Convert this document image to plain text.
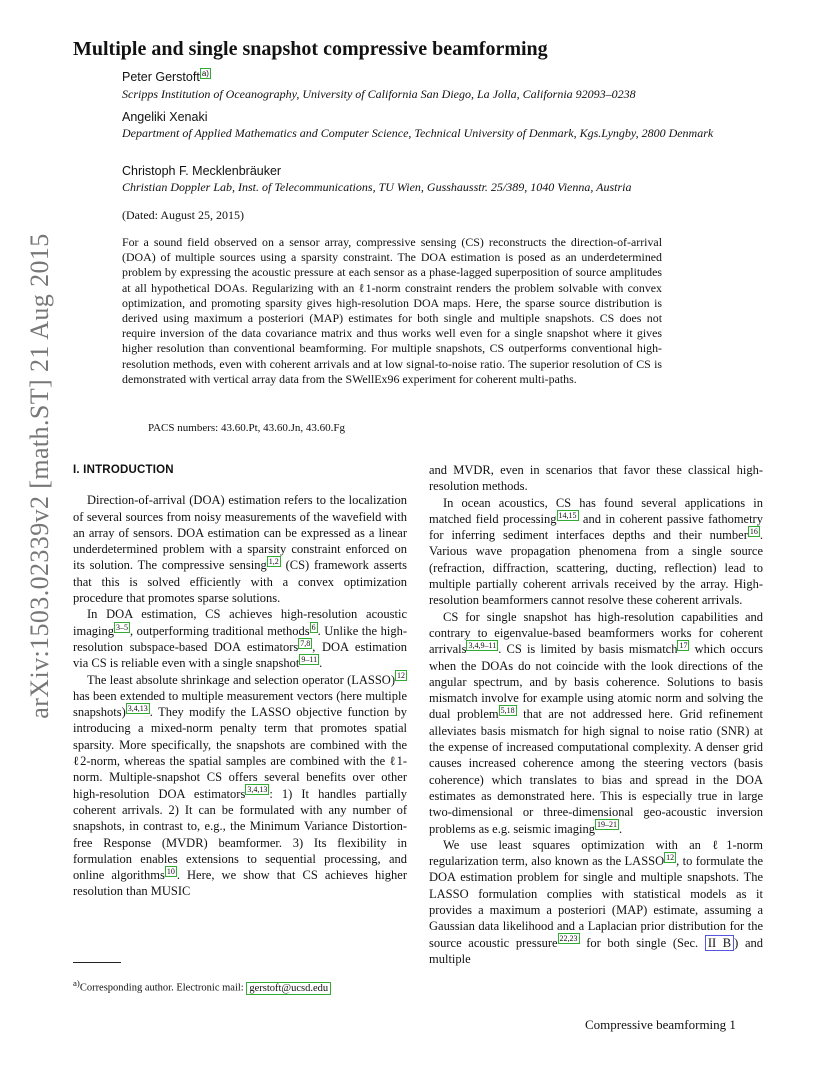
arXiv:1503.02339v2 [math.ST] 21 Aug 2015
Multiple and single snapshot compressive beamforming
Peter Gerstoft $^{a)}$
Scripps Institution of Oceanography, University of California San Diego, La Jolla, California 92093–0238
Angeliki Xenaki
Department of Applied Mathematics and Computer Science, Technical University of Denmark, Kgs.Lyngby, 2800 Denmark
Christoph F. Mecklenbräuker
Christian Doppler Lab, Inst. of Telecommunications, TU Wien, Gusshausstr. 25/389, 1040 Vienna, Austria
(Dated: August 25, 2015)
For a sound field observed on a sensor array, compressive sensing (CS) reconstructs the direction-of-arrival (DOA) of multiple sources using a sparsity constraint. The DOA estimation is posed as an underdetermined problem by expressing the acoustic pressure at each sensor as a phase-lagged superposition of source amplitudes at all hypothetical DOAs. Regularizing with an ℓ1-norm constraint renders the problem solvable with convex optimization, and promoting sparsity gives high-resolution DOA maps. Here, the sparse source distribution is derived using maximum a posteriori (MAP) estimates for both single and multiple snapshots. CS does not require inversion of the data covariance matrix and thus works well even for a single snapshot where it gives higher resolution than conventional beamforming. For multiple snapshots, CS outperforms conventional high-resolution methods, even with coherent arrivals and at low signal-to-noise ratio. The superior resolution of CS is demonstrated with vertical array data from the SWellEx96 experiment for coherent multi-paths.
PACS numbers: 43.60.Pt, 43.60.Jn, 43.60.Fg
I. INTRODUCTION

Direction-of-arrival (DOA) estimation refers to the localization of several sources from noisy measurements of the wavefield with an array of sensors. DOA estimation can be expressed as a linear underdetermined problem with a sparsity constraint enforced on its solution. The compressive sensing $^{1,2}$ (CS) framework asserts that this is solved efficiently with a convex optimization procedure that promotes sparse solutions.

In DOA estimation, CS achieves high-resolution acoustic imaging $^{3-5}$ , outperforming traditional methods $^6$ . Unlike the high-resolution subspace-based DOA estimators $^{7,8}$ , DOA estimation via CS is reliable even with a single snapshot $^{9-11}$ .

The least absolute shrinkage and selection operator (LASSO) $^{12}$ has been extended to multiple measurement vectors (here multiple snapshots) $^{3,4,13}$ . They modify the LASSO objective function by introducing a mixed-norm penalty term that promotes spatial sparsity. More specifically, the snapshots are combined with the ℓ2-norm, whereas the spatial samples are combined with the ℓ1-norm. Multiple-snapshot CS offers several benefits over other high-resolution DOA estimators $^{3,4,13}$ : 1) It handles partially coherent arrivals. 2) It can be formulated with any number of snapshots, in contrast to, e.g., the Minimum Variance Distortion-free Response (MVDR) beamformer. 3) Its flexibility in formulation enables extensions to sequential processing, and online algorithms $^{10}$ . Here, we show that CS achieves higher resolution than MUSIC

and MVDR, even in scenarios that favor these classical high-resolution methods.

In ocean acoustics, CS has found several applications in matched field processing $^{14,15}$ and in coherent passive fathometry for inferring sediment interfaces depths and their number $^{16}$ . Various wave propagation phenomena from a single source (refraction, diffraction, scattering, ducting, reflection) lead to multiple partially coherent arrivals received by the array. High-resolution beamformers cannot resolve these coherent arrivals.

CS for single snapshot has high-resolution capabilities and contrary to eigenvalue-based beamformers works for coherent arrivals $^{3,4,9-11}$ . CS is limited by basis mismatch $^{17}$ which occurs when the DOAs do not coincide with the look directions of the angular spectrum, and by basis coherence. Solutions to basis mismatch involve for example using atomic norm and solving the dual problem $^{5,18}$ that are not addressed here. Grid refinement alleviates basis mismatch for high signal to noise ratio (SNR) at the expense of increased computational complexity. A denser grid causes increased coherence among the steering vectors (basis coherence) which translates to bias and spread in the DOA estimates as demonstrated here. This is especially true in large two-dimensional or three-dimensional geo-acoustic inversion problems as e.g. seismic imaging $^{19-21}$ .

We use least squares optimization with an ℓ1-norm regularization term, also known as the LASSO $^{12}$ , to formulate the DOA estimation problem for single and multiple snapshots. The LASSO formulation complies with statistical models as it provides a maximum a posteriori (MAP) estimate, assuming a Gaussian data likelihood and a Laplacian prior distribution for the source acoustic pressure $^{22,23}$ for both single (Sec. II B ) and multiple

$^{a)}$Corresponding author. Electronic mail: gerstoft@ucsd.edu
Compressive beamforming 1
